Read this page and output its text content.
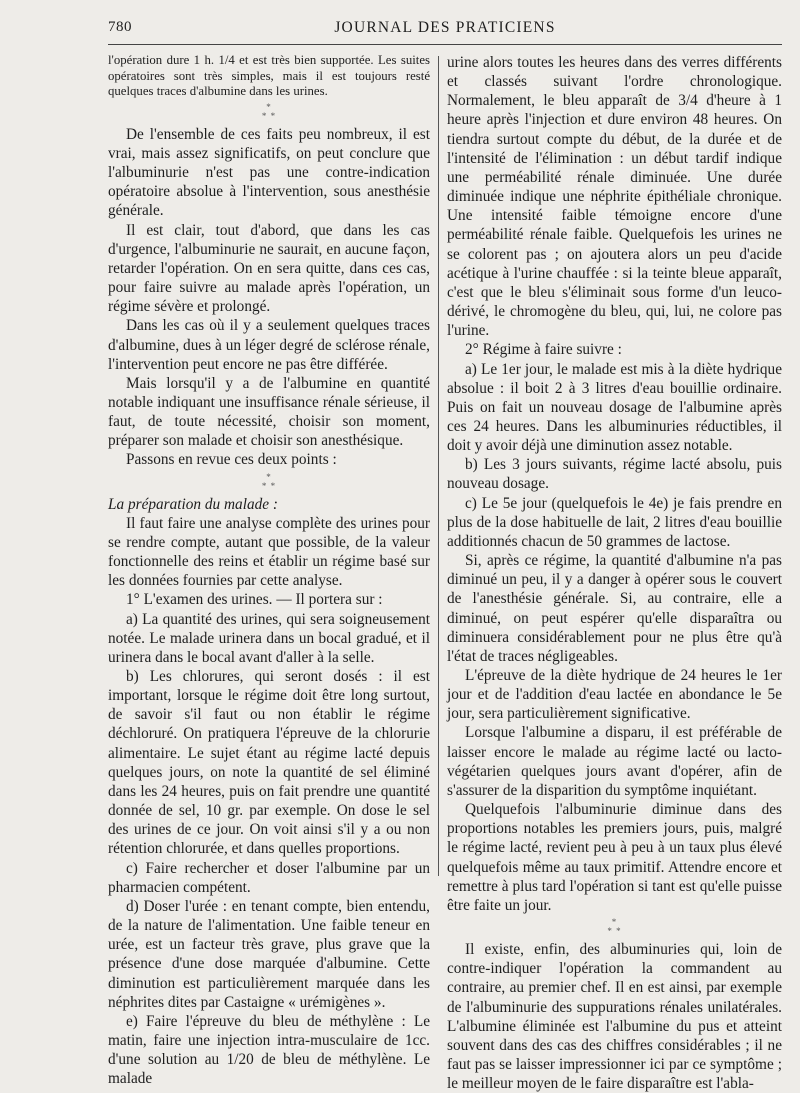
780	JOURNAL DES PRATICIENS

l'opération dure 1 h. 1/4 et est très bien supportée. Les suites opératoires sont très simples, mais il est toujours resté quelques traces d'albumine dans les urines.

*
* *

De l'ensemble de ces faits peu nombreux, il est vrai, mais assez significatifs, on peut conclure que l'albuminurie n'est pas une contre-indication opératoire absolue à l'intervention, sous anesthésie générale.

Il est clair, tout d'abord, que dans les cas d'urgence, l'albuminurie ne saurait, en aucune façon, retarder l'opération. On en sera quitte, dans ces cas, pour faire suivre au malade après l'opération, un régime sévère et prolongé.

Dans les cas où il y a seulement quelques traces d'albumine, dues à un léger degré de sclérose rénale, l'intervention peut encore ne pas être différée.

Mais lorsqu'il y a de l'albumine en quantité notable indiquant une insuffisance rénale sérieuse, il faut, de toute nécessité, choisir son moment, préparer son malade et choisir son anesthésique.

Passons en revue ces deux points :

*
* *

La préparation du malade :

Il faut faire une analyse complète des urines pour se rendre compte, autant que possible, de la valeur fonctionnelle des reins et établir un régime basé sur les données fournies par cette analyse.

1° L'examen des urines. — Il portera sur :

a) La quantité des urines, qui sera soigneusement notée. Le malade urinera dans un bocal gradué, et il urinera dans le bocal avant d'aller à la selle.

b) Les chlorures, qui seront dosés : il est important, lorsque le régime doit être long surtout, de savoir s'il faut ou non établir le régime déchloruré. On pratiquera l'épreuve de la chlorurie alimentaire. Le sujet étant au régime lacté depuis quelques jours, on note la quantité de sel éliminé dans les 24 heures, puis on fait prendre une quantité donnée de sel, 10 gr. par exemple. On dose le sel des urines de ce jour. On voit ainsi s'il y a ou non rétention chlorurée, et dans quelles proportions.

c) Faire rechercher et doser l'albumine par un pharmacien compétent.

d) Doser l'urée : en tenant compte, bien entendu, de la nature de l'alimentation. Une faible teneur en urée, est un facteur très grave, plus grave que la présence d'une dose marquée d'albumine. Cette diminution est particulièrement marquée dans les néphrites dites par Castaigne « urémigènes ».

e) Faire l'épreuve du bleu de méthylène : Le matin, faire une injection intra-musculaire de 1cc. d'une solution au 1/20 de bleu de méthylène. Le malade

urine alors toutes les heures dans des verres différents et classés suivant l'ordre chronologique. Normalement, le bleu apparaît de 3/4 d'heure à 1 heure après l'injection et dure environ 48 heures. On tiendra surtout compte du début, de la durée et de l'intensité de l'élimination : un début tardif indique une perméabilité rénale diminuée. Une durée diminuée indique une néphrite épithéliale chronique. Une intensité faible témoigne encore d'une perméabilité rénale faible. Quelquefois les urines ne se colorent pas ; on ajoutera alors un peu d'acide acétique à l'urine chauffée : si la teinte bleue apparaît, c'est que le bleu s'éliminait sous forme d'un leuco-dérivé, le chromogène du bleu, qui, lui, ne colore pas l'urine.

2° Régime à faire suivre :

a) Le 1er jour, le malade est mis à la diète hydrique absolue : il boit 2 à 3 litres d'eau bouillie ordinaire. Puis on fait un nouveau dosage de l'albumine après ces 24 heures. Dans les albuminuries réductibles, il doit y avoir déjà une diminution assez notable.

b) Les 3 jours suivants, régime lacté absolu, puis nouveau dosage.

c) Le 5e jour (quelquefois le 4e) je fais prendre en plus de la dose habituelle de lait, 2 litres d'eau bouillie additionnés chacun de 50 grammes de lactose.

Si, après ce régime, la quantité d'albumine n'a pas diminué un peu, il y a danger à opérer sous le couvert de l'anesthésie générale. Si, au contraire, elle a diminué, on peut espérer qu'elle disparaîtra ou diminuera considérablement pour ne plus être qu'à l'état de traces négligeables.

L'épreuve de la diète hydrique de 24 heures le 1er jour et de l'addition d'eau lactée en abondance le 5e jour, sera particulièrement significative.

Lorsque l'albumine a disparu, il est préférable de laisser encore le malade au régime lacté ou lacto-végétarien quelques jours avant d'opérer, afin de s'assurer de la disparition du symptôme inquiétant.

Quelquefois l'albuminurie diminue dans des proportions notables les premiers jours, puis, malgré le régime lacté, revient peu à peu à un taux plus élevé quelquefois même au taux primitif. Attendre encore et remettre à plus tard l'opération si tant est qu'elle puisse être faite un jour.

*
* *

Il existe, enfin, des albuminuries qui, loin de contre-indiquer l'opération la commandent au contraire, au premier chef. Il en est ainsi, par exemple de l'albuminurie des suppurations rénales unilatérales. L'albumine éliminée est l'albumine du pus et atteint souvent dans des cas des chiffres considérables ; il ne faut pas se laisser impressionner ici par ce symptôme ; le meilleur moyen de le faire disparaître est l'abla-
